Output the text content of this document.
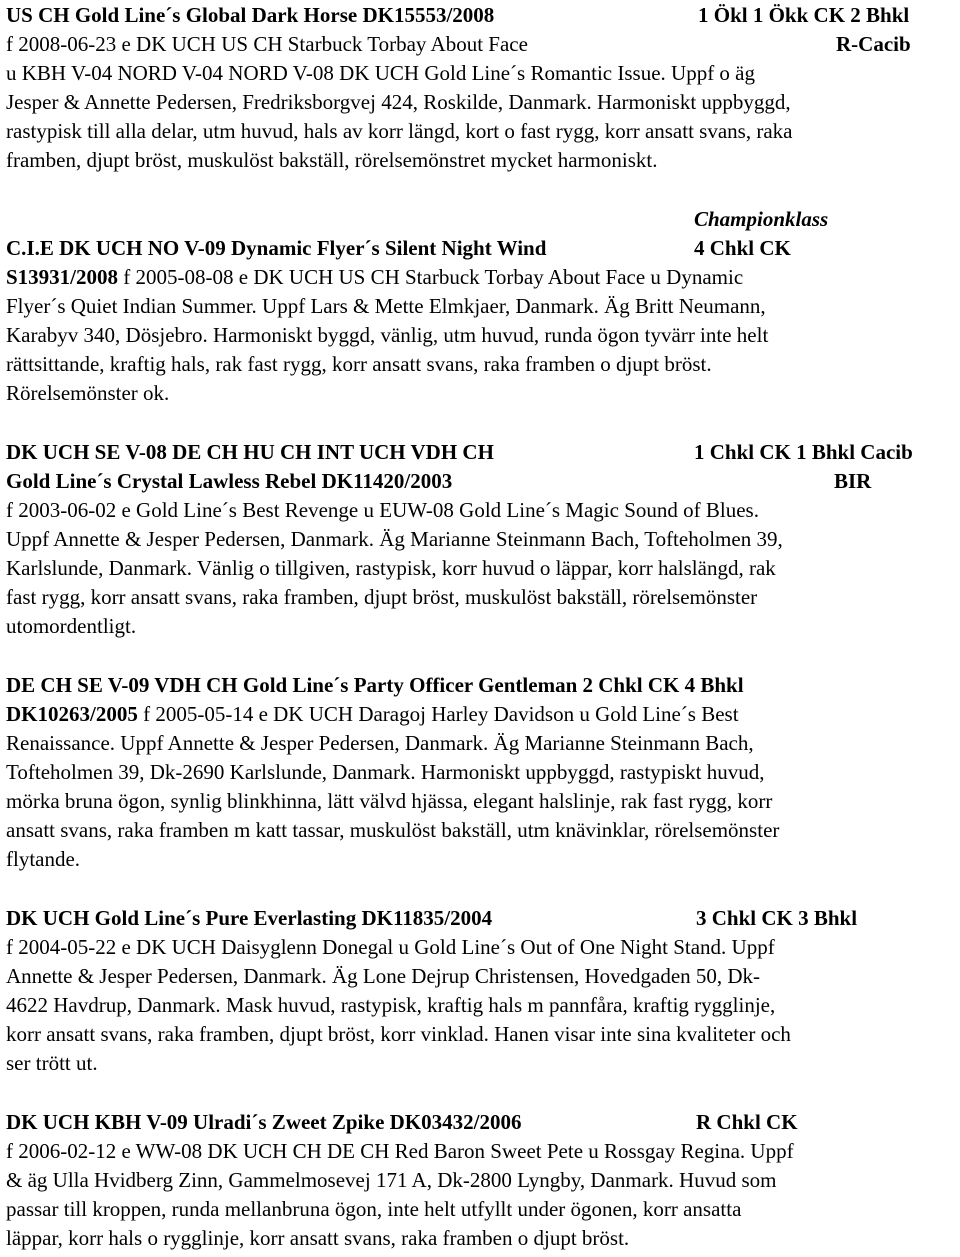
US CH Gold Line´s Global Dark Horse DK15553/2008	1 Ökl 1 Ökk CK 2 Bhkl
f 2008-06-23 e DK UCH US CH Starbuck Torbay About Face	R-Cacib
u KBH V-04 NORD V-04 NORD V-08 DK UCH Gold Line´s Romantic Issue. Uppf o äg
Jesper & Annette Pedersen, Fredriksborgvej 424, Roskilde, Danmark. Harmoniskt uppbyggd,
rastypisk till alla delar, utm huvud, hals av korr längd, kort o fast rygg, korr ansatt svans, raka
framben, djupt bröst, muskulöst bakställ, rörelsemönstret mycket harmoniskt.
Championklass
C.I.E DK UCH NO V-09 Dynamic Flyer´s Silent Night Wind	4 Chkl CK
S13931/2008 f 2005-08-08 e DK UCH US CH Starbuck Torbay About Face u Dynamic
Flyer´s Quiet Indian Summer. Uppf Lars & Mette Elmkjaer, Danmark. Äg Britt Neumann,
Karabyv 340, Dösjebro. Harmoniskt byggd, vänlig, utm huvud, runda ögon tyvärr inte helt
rättsittande, kraftig hals, rak fast rygg, korr ansatt svans, raka framben o djupt bröst.
Rörelsemönster ok.
DK UCH SE V-08 DE CH HU CH INT UCH VDH CH	1 Chkl CK 1 Bhkl Cacib
Gold Line´s Crystal Lawless Rebel DK11420/2003	BIR
f 2003-06-02 e Gold Line´s Best Revenge u EUW-08 Gold Line´s Magic Sound of Blues.
Uppf Annette & Jesper Pedersen, Danmark. Äg Marianne Steinmann Bach, Tofteholmen 39,
Karlslunde, Danmark. Vänlig o tillgiven, rastypisk, korr huvud o läppar, korr halslängd, rak
fast rygg, korr ansatt svans, raka framben, djupt bröst, muskulöst bakställ, rörelsemönster
utomordentligt.
DE CH SE V-09 VDH CH Gold Line´s Party Officer Gentleman 2 Chkl CK 4 Bhkl
DK10263/2005 f 2005-05-14 e DK UCH Daragoj Harley Davidson u Gold Line´s Best
Renaissance. Uppf Annette & Jesper Pedersen, Danmark. Äg Marianne Steinmann Bach,
Tofteholmen 39, Dk-2690 Karlslunde, Danmark. Harmoniskt uppbyggd, rastypiskt huvud,
mörka bruna ögon, synlig blinkhinna, lätt välvd hjässa, elegant halslinje, rak fast rygg, korr
ansatt svans, raka framben m katt tassar, muskulöst bakställ, utm knävinklar, rörelsemönster
flytande.
DK UCH Gold Line´s Pure Everlasting DK11835/2004	3 Chkl CK 3 Bhkl
f 2004-05-22 e DK UCH Daisyglenn Donegal u Gold Line´s Out of One Night Stand. Uppf
Annette & Jesper Pedersen, Danmark. Äg Lone Dejrup Christensen, Hovedgaden 50, Dk-
4622 Havdrup, Danmark. Mask huvud, rastypisk, kraftig hals m pannfåra, kraftig rygglinje,
korr ansatt svans, raka framben, djupt bröst, korr vinklad. Hanen visar inte sina kvaliteter och
ser trött ut.
DK UCH KBH V-09 Ulradi´s Zweet Zpike DK03432/2006	R Chkl CK
f 2006-02-12 e WW-08 DK UCH CH DE CH Red Baron Sweet Pete u Rossgay Regina. Uppf
& äg Ulla Hvidberg Zinn, Gammelmosevej 171 A, Dk-2800 Lyngby, Danmark. Huvud som
passar till kroppen, runda mellanbruna ögon, inte helt utfyllt under ögonen, korr ansatta
läppar, korr hals o rygglinje, korr ansatt svans, raka framben o djupt bröst.
